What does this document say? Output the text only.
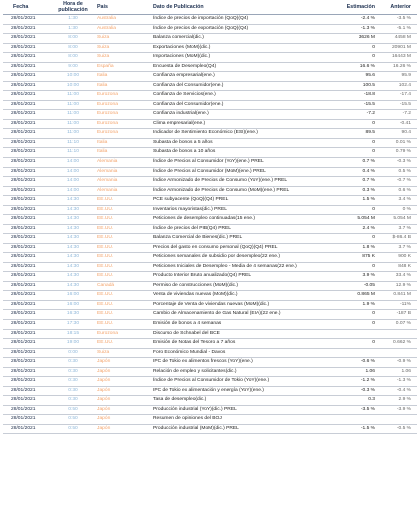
Fecha	Hora de
publicación	País	Dato de Publicación	Estimación	Anterior
28/01/2021	1:30	Australia	Índice de precios de importación (QoQ)(Q4)	-2.4 %	-3.5 %
28/01/2021	1:30	Australia	Índice de precios de exportación (QoQ)(Q4)	-1.3 %	-5.1 %
28/01/2021	8:00	Suiza	Balanza comercial(dic.)	3626 M	4458 M
28/01/2021	8:00	Suiza	Exportaciones (MoM)(dic.)	0	20901 M
28/01/2021	8:00	Suiza	Importaciones (MoM)(dic.)	0	16443 M
28/01/2021	9:00	España	Encuesta de Desempleo(Q4)	16.6 %	16.26 %
28/01/2021	10:00	Italia	Confianza empresarial(ene.)	95.6	95.9
28/01/2021	10:00	Italia	Confianza del Consumidor(ene.)	100.5	102.4
28/01/2021	11:00	Eurozona	Confianza de Servicios(ene.)	-18.8	-17.4
28/01/2021	11:00	Eurozona	Confianza del Consumidor(ene.)	-15.5	-15.5
28/01/2021	11:00	Eurozona	Confianza industrial(ene.)	-7.2	-7.2
28/01/2021	11:00	Eurozona	Clima empresarial(ene.)	0	-0.41
28/01/2021	11:00	Eurozona	Indicador de Sentimiento Económico (ESI)(ene.)	89.5	90.4
28/01/2021	11:10	Italia	Subasta de bonos a 5 años	0	0.01 %
28/01/2021	11:10	Italia	Subasta de bonos a 10 años	0	0.79 %
28/01/2021	14:00	Alemania	Índice de Precios al Consumidor (YoY)(ene.) PREL	0.7 %	-0.3 %
28/01/2021	14:00	Alemania	Índice de Precios al Consumidor (MoM)(ene.) PREL	0.4 %	0.5 %
28/01/2021	14:00	Alemania	Índice Armonizado de Precios de Consumo (YoY)(ene.) PREL	0.7 %	-0.7 %
28/01/2021	14:00	Alemania	Índice Armonizado de Precios de Consumo (MoM)(ene.) PREL	0.3 %	0.6 %
28/01/2021	14:30	EE.UU.	PCE subyacente (QoQ)(Q4) PREL	1.5 %	3.4 %
28/01/2021	14:30	EE.UU.	Inventarios mayoristas(dic.) PREL	0	0 %
28/01/2021	14:30	EE.UU.	Peticiones de desempleo continuadas(15 ene.)	5.054 M	5.054 M
28/01/2021	14:30	EE.UU.	Índice de precios del PIB(Q4) PREL	2.4 %	3.7 %
28/01/2021	14:30	EE.UU.	Balanza Comercial de Bienes(dic.) PREL	0	$-86.4 B
28/01/2021	14:30	EE.UU.	Precios del gasto en consumo personal (QoQ)(Q4) PREL	1.8 %	3.7 %
28/01/2021	14:30	EE.UU.	Peticiones semanales de subsidio por desempleo(22 ene.)	875 K	900 K
28/01/2021	14:30	EE.UU.	Peticiones Iniciales de Desempleo - Media de 4 semanas(22 ene.)	0	848 K
28/01/2021	14:30	EE.UU.	Producto Interior Bruto anualizado(Q4) PREL	3.9 %	33.4 %
28/01/2021	14:30	Canadá	Permiso de construcciones (MoM)(dic.)	-0.05	12.9 %
28/01/2021	16:00	EE.UU.	Venta de viviendas nuevas (MoM)(dic.)	0.865 M	0.841 M
28/01/2021	16:00	EE.UU.	Porcentaje de Venta de viviendas nuevas (MoM)(dic.)	1.9 %	-11%
28/01/2021	16:30	EE.UU.	Cambio de Almacenamiento de Gas Natural (EIA)(22 ene.)	0	-187 B
28/01/2021	17:30	EE.UU.	Emisión de bonos a 4 semanas	0	0.07 %
28/01/2021	18:15	Eurozona	Discurso de Schnabel del BCE		
28/01/2021	19:00	EE.UU.	Emisión de Notas del Tesoro a 7 años	0	0.662 %
28/01/2021	0:00	Suiza	Foro Económico Mundial - Davos		
28/01/2021	0:30	Japón	IPC de Tokio ex alimentos frescos (YoY)(ene.)	-0.6 %	-0.9 %
28/01/2021	0:30	Japón	Relación de empleo y solicitantes(dic.)	1.06	1.06
28/01/2021	0:30	Japón	Índice de Precios al Consumidor de Tokio (YoY)(ene.)	-1.2 %	-1.3 %
28/01/2021	0:30	Japón	IPC de Tokio ex alimentación y energía (YoY)(ene.)	-0.3 %	-0.4 %
28/01/2021	0:30	Japón	Tasa de desempleo(dic.)	0.3	2.9 %
28/01/2021	0:50	Japón	Producción industrial (YoY)(dic.) PREL	-3.5 %	-3.9 %
28/01/2021	0:50	Japón	Resumen de opiniones del BOJ		
28/01/2021	0:50	Japón	Producción industrial (MoM)(dic.) PREL	-1.5 %	-0.5 %
